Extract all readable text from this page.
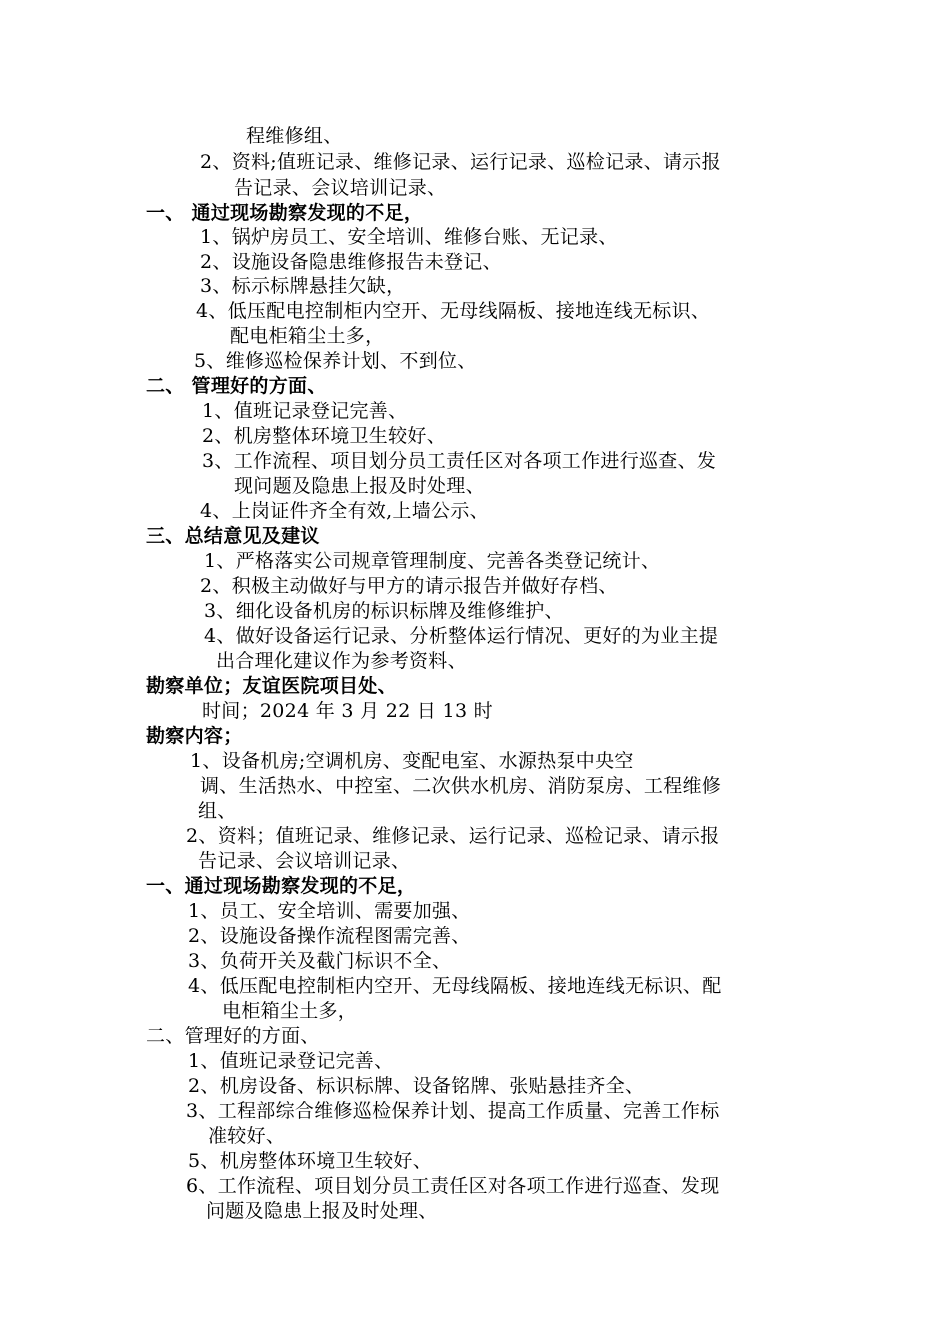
程维修组、
2、资料;值班记录、维修记录、运行记录、巡检记录、请示报
告记录、会议培训记录、
一、 通过现场勘察发现的不足，
1、锅炉房员工、安全培训、维修台账、无记录、
2、设施设备隐患维修报告未登记、
3、标示标牌悬挂欠缺，
4、低压配电控制柜内空开、无母线隔板、接地连线无标识、
配电柜箱尘土多，
5、维修巡检保养计划、不到位、
二、 管理好的方面、
1、值班记录登记完善、
2、机房整体环境卫生较好、
3、工作流程、项目划分员工责任区对各项工作进行巡查、发
现问题及隐患上报及时处理、
4、上岗证件齐全有效,上墙公示、
三、总结意见及建议
1、严格落实公司规章管理制度、完善各类登记统计、
2、积极主动做好与甲方的请示报告并做好存档、
3、细化设备机房的标识标牌及维修维护、
4、做好设备运行记录、分析整体运行情况、更好的为业主提
出合理化建议作为参考资料、
勘察单位；友谊医院项目处、
时间；2024 年 3 月 22 日 13 时
勘察内容；
1、设备机房;空调机房、变配电室、水源热泵中央空
调、生活热水、中控室、二次供水机房、消防泵房、工程维修
组、
2、资料；值班记录、维修记录、运行记录、巡检记录、请示报
告记录、会议培训记录、
一、通过现场勘察发现的不足，
1、员工、安全培训、需要加强、
2、设施设备操作流程图需完善、
3、负荷开关及截门标识不全、
4、低压配电控制柜内空开、无母线隔板、接地连线无标识、配
电柜箱尘土多，
二、管理好的方面、
1、值班记录登记完善、
2、机房设备、标识标牌、设备铭牌、张贴悬挂齐全、
3、工程部综合维修巡检保养计划、提高工作质量、完善工作标
准较好、
5、机房整体环境卫生较好、
6、工作流程、项目划分员工责任区对各项工作进行巡查、发现
问题及隐患上报及时处理、
